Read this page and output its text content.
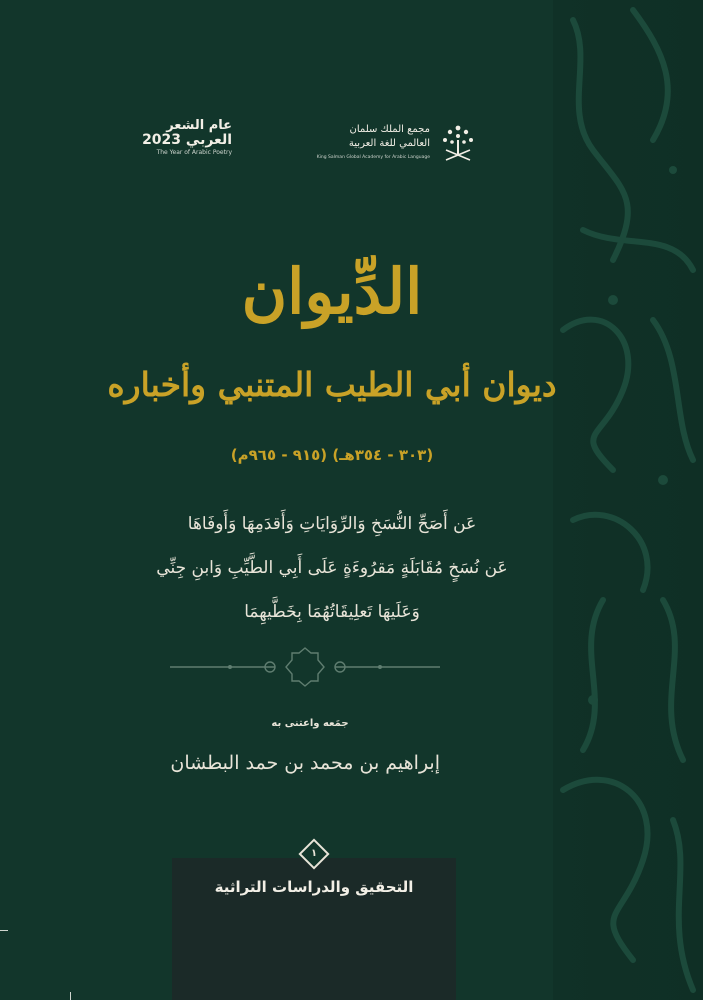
عام الشعر
العربي 2023
The Year of Arabic Poetry
مجمع الملك سلمان
العالمي للغة العربية
King Salman Global Academy for Arabic Language
الدِّيوان
ديوان أبي الطيب المتنبي وأخباره
(٣٠٣ - ٣٥٤هـ) (٩١٥ - ٩٦٥م)
عَن أَصَحِّ النُّسَخِ وَالرِّوَايَاتِ وَأَقدَمِهَا وَأَوفَاهَا
عَن نُسَخٍ مُقَابَلَةٍ مَقرُوءَةٍ عَلَى أَبِي الطَّيِّبِ وَابنِ جِنِّي
وَعَلَيهَا تَعلِيقَاتُهُمَا بِخَطَّيهِمَا
جمَعه واعتنى به
إبراهيم بن محمد بن حمد البطشان
١
التحقيق والدراسات التراثية
